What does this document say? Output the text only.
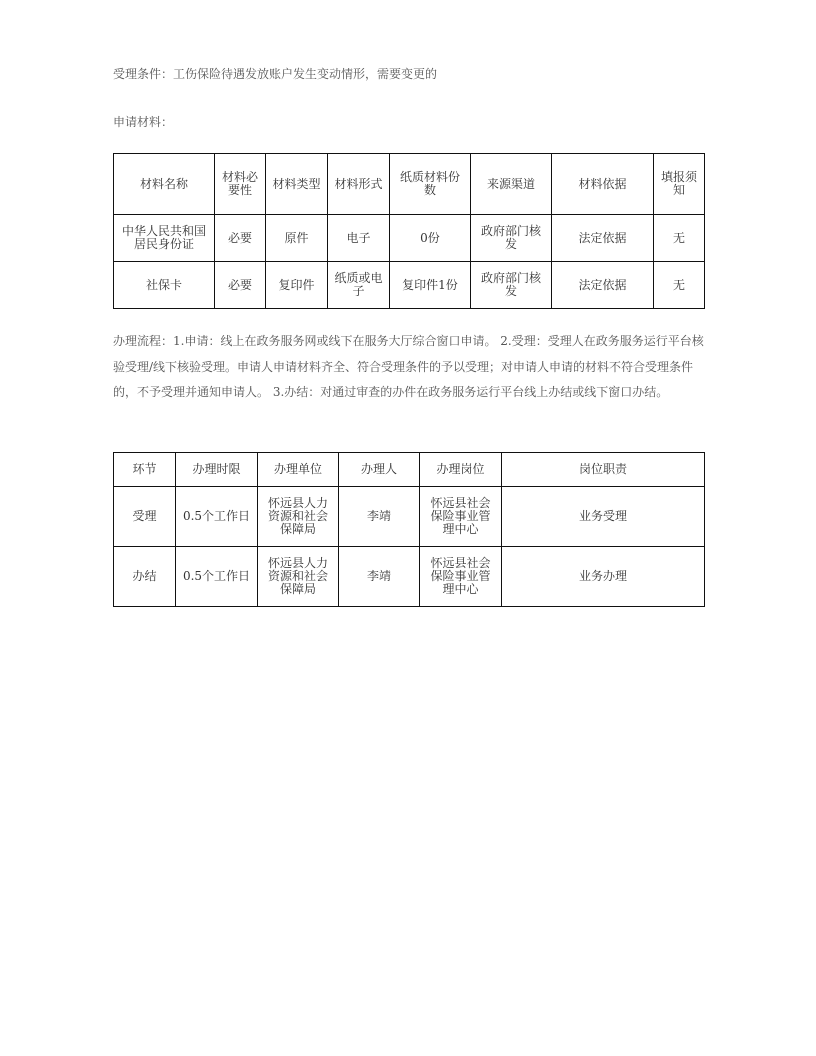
受理条件：工伤保险待遇发放账户发生变动情形，需要变更的
申请材料：
材料名称	材料必要性	材料类型	材料形式	纸质材料份数	来源渠道	材料依据	填报须知
中华人民共和国居民身份证	必要	原件	电子	0份	政府部门核发	法定依据	无
社保卡	必要	复印件	纸质或电子	复印件1份	政府部门核发	法定依据	无
办理流程：1.申请：线上在政务服务网或线下在服务大厅综合窗口申请。 2.受理：受理人在政务服务运行平台核验受理/线下核验受理。申请人申请材料齐全、符合受理条件的予以受理；对申请人申请的材料不符合受理条件的，不予受理并通知申请人。 3.办结：对通过审查的办件在政务服务运行平台线上办结或线下窗口办结。
环节	办理时限	办理单位	办理人	办理岗位	岗位职责
受理	0.5个工作日	怀远县人力资源和社会保障局	李靖	怀远县社会保险事业管理中心	业务受理
办结	0.5个工作日	怀远县人力资源和社会保障局	李靖	怀远县社会保险事业管理中心	业务办理
